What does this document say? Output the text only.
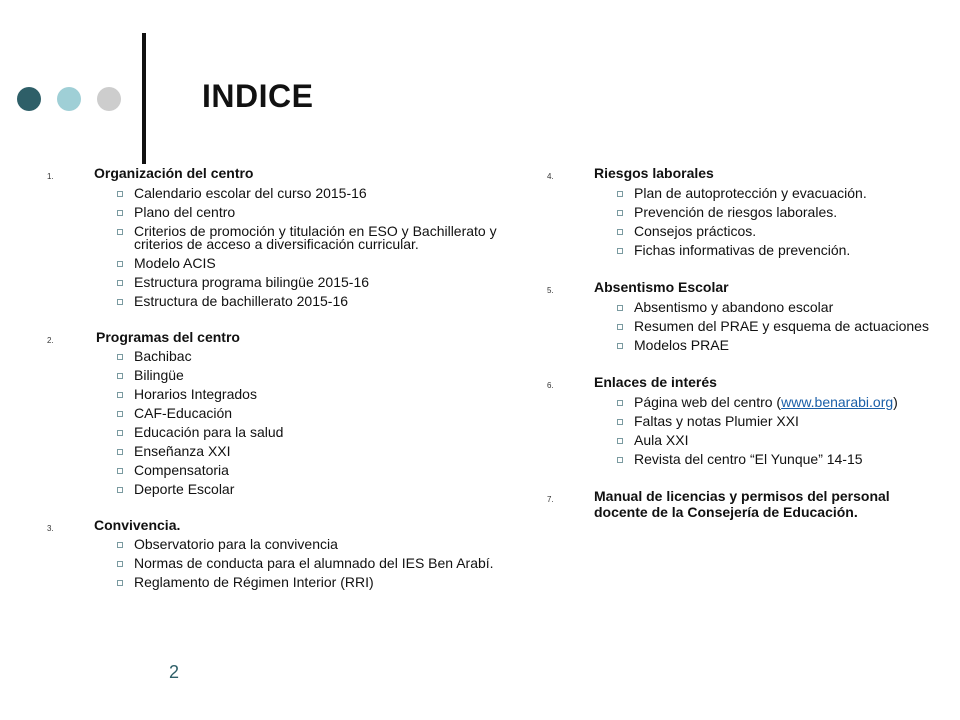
INDICE
1.	Organización del centro
Calendario escolar del curso 2015-16
Plano del centro
Criterios de promoción y titulación en ESO y Bachillerato y criterios de acceso a diversificación curricular.
Modelo ACIS
Estructura programa bilingüe 2015-16
Estructura de bachillerato 2015-16
2.	Programas del centro
Bachibac
Bilingüe
Horarios Integrados
CAF-Educación
Educación para la salud
Enseñanza XXI
Compensatoria
Deporte Escolar
3.	Convivencia.
Observatorio para la convivencia
Normas de conducta para el alumnado del IES Ben Arabí.
Reglamento de Régimen Interior (RRI)
4.	Riesgos laborales
Plan de autoprotección y evacuación.
Prevención de riesgos laborales.
Consejos prácticos.
Fichas informativas de prevención.
5.	Absentismo Escolar
Absentismo y abandono escolar
Resumen del PRAE y esquema de actuaciones
Modelos PRAE
6.	Enlaces de interés
Página web del centro (www.benarabi.org)
Faltas y notas Plumier XXI
Aula XXI
Revista del centro “El Yunque” 14-15
7.	Manual de licencias y permisos del personal docente de la Consejería de Educación.
2
